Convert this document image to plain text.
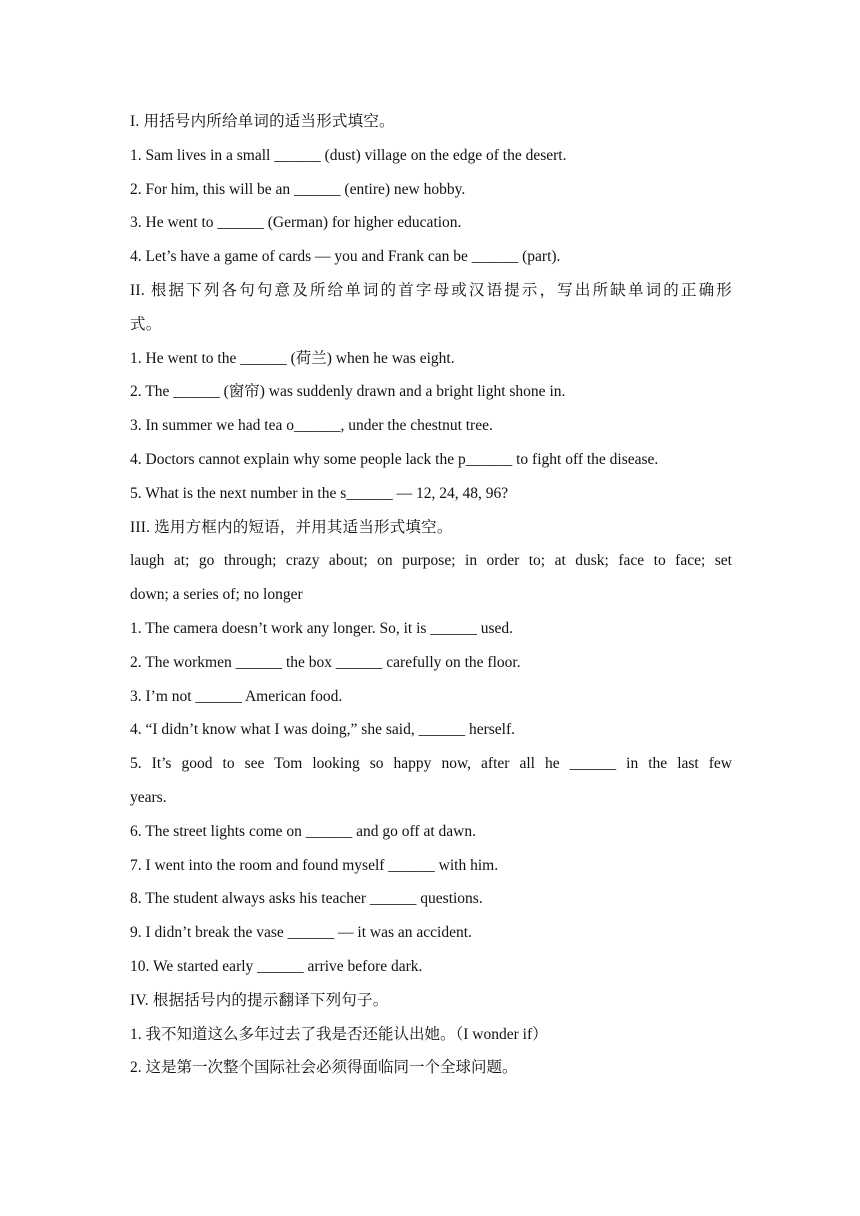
I. 用括号内所给单词的适当形式填空。
1. Sam lives in a small ______ (dust) village on the edge of the desert.
2. For him, this will be an ______ (entire) new hobby.
3. He went to ______ (German) for higher education.
4. Let’s have a game of cards — you and Frank can be ______ (part).
II. 根据下列各句句意及所给单词的首字母或汉语提示，写出所缺单词的正确形
式。
1. He went to the ______ (荷兰) when he was eight.
2. The ______ (窗帘) was suddenly drawn and a bright light shone in.
3. In summer we had tea o______, under the chestnut tree.
4. Doctors cannot explain why some people lack the p______ to fight off the disease.
5. What is the next number in the s______ — 12, 24, 48, 96?
III. 选用方框内的短语，并用其适当形式填空。
laugh at; go through; crazy about; on purpose; in order to; at dusk; face to face; set
down; a series of; no longer
1. The camera doesn’t work any longer. So, it is ______ used.
2. The workmen ______ the box ______ carefully on the floor.
3. I’m not ______ American food.
4. “I didn’t know what I was doing,” she said, ______ herself.
5. It’s good to see Tom looking so happy now, after all he ______ in the last few
years.
6. The street lights come on ______ and go off at dawn.
7. I went into the room and found myself ______ with him.
8. The student always asks his teacher ______ questions.
9. I didn’t break the vase ______ — it was an accident.
10. We started early ______ arrive before dark.
IV. 根据括号内的提示翻译下列句子。
1. 我不知道这么多年过去了我是否还能认出她。（I wonder if）
2. 这是第一次整个国际社会必须得面临同一个全球问题。
